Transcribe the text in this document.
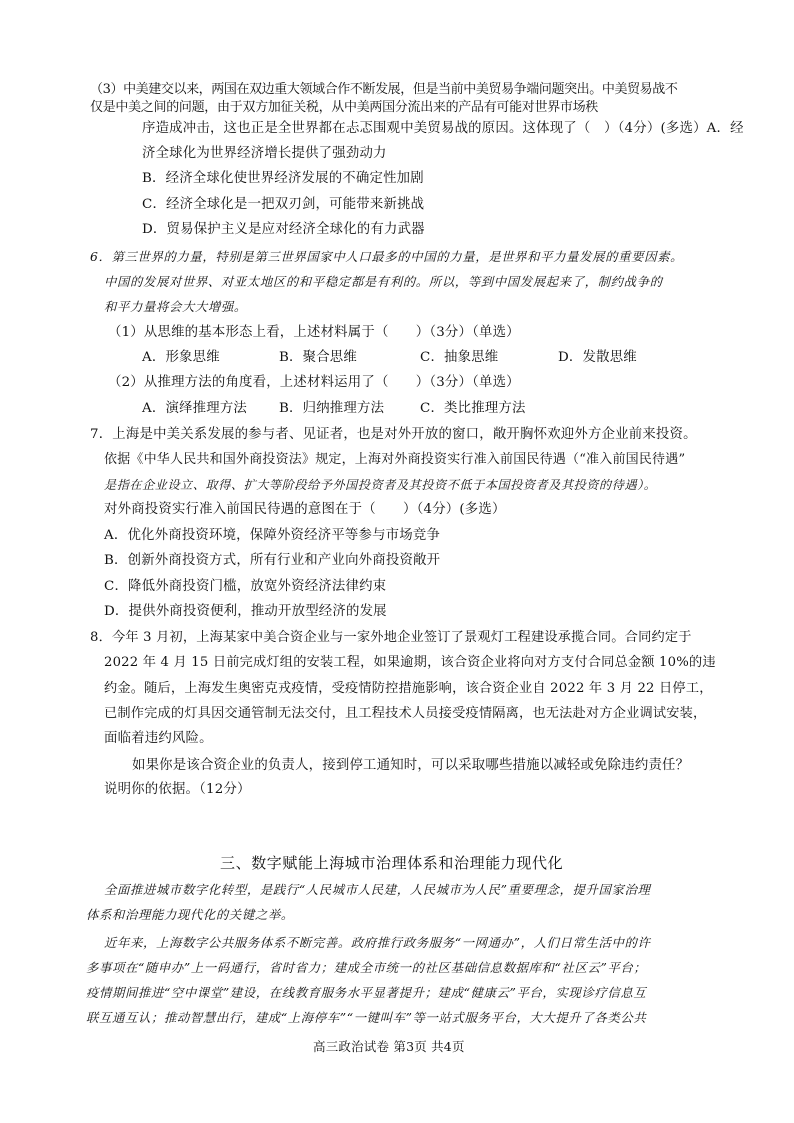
（3）中美建交以来，两国在双边重大领域合作不断发展，但是当前中美贸易争端问题突出。中美贸易战不

仅是中美之间的问题，由于双方加征关税，从中美两国分流出来的产品有可能对世界市场秩

序造成冲击，这也正是全世界都在忐忑围观中美贸易战的原因。这体现了（　）（4分）(多选）A．经

济全球化为世界经济增长提供了强劲动力

B．经济全球化使世界经济发展的不确定性加剧

C．经济全球化是一把双刃剑，可能带来新挑战

D．贸易保护主义是应对经济全球化的有力武器

6．第三世界的力量，特别是第三世界国家中人口最多的中国的力量，是世界和平力量发展的重要因素。

中国的发展对世界、对亚太地区的和平稳定都是有利的。所以，等到中国发展起来了，制约战争的

和平力量将会大大增强。

（1）从思维的基本形态上看，上述材料属于（　　）（3分）（单选）

A．形象思维	B．聚合思维	C．抽象思维	D．发散思维

（2）从推理方法的角度看，上述材料运用了（　　）（3分）（单选）

A．演绎推理方法 B．归纳推理方法	C．类比推理方法

7．上海是中美关系发展的参与者、见证者，也是对外开放的窗口，敞开胸怀欢迎外方企业前来投资。

依据《中华人民共和国外商投资法》规定，上海对外商投资实行准入前国民待遇（“准入前国民待遇”

是指在企业设立、取得、扩大等阶段给予外国投资者及其投资不低于本国投资者及其投资的待遇）。

对外商投资实行准入前国民待遇的意图在于（　　）（4分）(多选）

A．优化外商投资环境，保障外资经济平等参与市场竞争

B．创新外商投资方式，所有行业和产业向外商投资敞开

C．降低外商投资门槛，放宽外资经济法律约束

D．提供外商投资便利，推动开放型经济的发展

8．今年 3 月初，上海某家中美合资企业与一家外地企业签订了景观灯工程建设承揽合同。合同约定于

2022 年 4 月 15 日前完成灯组的安装工程，如果逾期，该合资企业将向对方支付合同总金额 10%的违

约金。随后，上海发生奥密克戎疫情，受疫情防控措施影响，该合资企业自 2022 年 3 月 22 日停工，

已制作完成的灯具因交通管制无法交付，且工程技术人员接受疫情隔离，也无法赴对方企业调试安装，

面临着违约风险。

如果你是该合资企业的负责人，接到停工通知时，可以采取哪些措施以减轻或免除违约责任？

说明你的依据。（12分）

三、数字赋能上海城市治理体系和治理能力现代化

全面推进城市数字化转型，是践行“人民城市人民建，人民城市为人民”重要理念，提升国家治理

体系和治理能力现代化的关键之举。

近年来，上海数字公共服务体系不断完善。政府推行政务服务“一网通办”，人们日常生活中的许

多事项在“随申办”上一码通行，省时省力；建成全市统一的社区基础信息数据库和“社区云”平台；

疫情期间推进“空中课堂”建设，在线教育服务水平显著提升；建成“健康云”平台，实现诊疗信息互

联互通互认；推动智慧出行，建成“上海停车”“一键叫车”等一站式服务平台，大大提升了各类公共

高三政治试卷 第3页 共4页
